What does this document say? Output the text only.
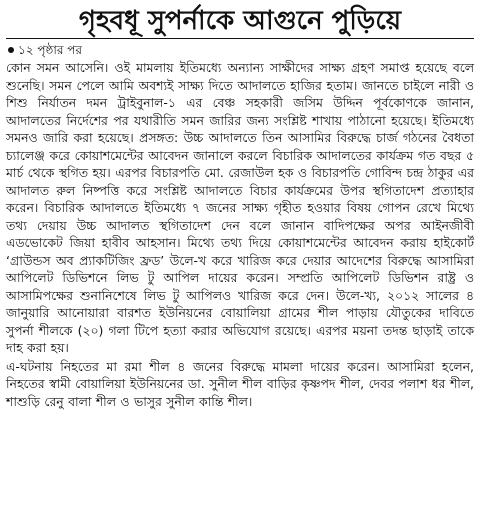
গৃহবধূ সুপর্নাকে আগুনে পুড়িয়ে
১২ পৃষ্ঠার পর

কোন সমন আসেনি। ওই মামলায় ইতিমধ্যে অন্যান্য সাক্ষীদের সাক্ষ্য গ্রহণ সমাপ্ত হয়েছে বলে শুনেছি। সমন পেলে আমি অবশ্যই সাক্ষ্য দিতে আদালতে হাজির হতাম। জানতে চাইলে নারী ও শিশু নির্যাতন দমন ট্রাইবুনাল-১ এর বেঞ্চ সহকারী জসিম উদ্দিন পূর্বকোণকে জানান, আদালতের নির্দেশের পর যথারীতি সমন জারির জন্য সংশ্লিষ্ট শাখায় পাঠানো হয়েছে। ইতিমধ্যে সমনও জারি করা হয়েছে। প্রসঙ্গত: উচ্চ আদালতে তিন আসামির বিরুদ্ধে চার্জ গঠনের বৈধতা চ্যালেঞ্জ করে কোয়াশমেন্টের আবেদন জানালে করলে বিচারিক আদালতের কার্যক্রম গত বছর ৫ মার্চ থেকে স্থগিত হয়। এরপর বিচারপতি মো. রেজাউল হক ও বিচারপতি গোবিন্দ চন্দ্র ঠাকুর এর আদালত রুল নিষ্পত্তি করে সংশ্লিষ্ট আদালতে বিচার কার্যক্রমের উপর স্থগিতাদেশ প্রত্যাহার করেন। বিচারিক আদালতে ইতিমধ্যে ৭ জনের সাক্ষ্য গৃহীত হওয়ার বিষয় গোপন রেখে মিথ্যে তথ্য দেয়ায় উচ্চ আদালত স্থগিতাদেশ দেন বলে জানান বাদিপক্ষের অপর আইনজীবী এডভোকেট জিয়া হাবীব আহসান। মিথ্যে তথ্য দিয়ে কোয়াশমেন্টের আবেদন করায় হাইকোর্ট ‘গ্রাউন্ডস অব প্র্যাকটিজিং ফ্রড’ উলে-খ করে খারিজ করে দেয়ার আদেশের বিরুদ্ধে আসামিরা আপিলেট ডিভিশনে লিভ টু আপিল দায়ের করেন। সম্প্রতি আপিলেট ডিভিশন রাষ্ট্র ও আসামিপক্ষের শুনানিশেষে লিভ টু আপিলও খারিজ করে দেন। উলে-খ্য, ২০১২ সালের ৪ জানুয়ারি আনোয়ারা বারশত ইউনিয়নের বোয়ালিয়া গ্রামের শীল পাড়ায় যৌতুকের দাবিতে সুপর্না শীলকে (২০) গলা টিপে হত্যা করার অভিযোগ রয়েছে। এরপর ময়না তদন্ত ছাড়াই তাকে দাহ করা হয়।

এ-ঘটনায় নিহতের মা রমা শীল ৪ জনের বিরুদ্ধে মামলা দায়ের করেন। আসামিরা হলেন, নিহতের স্বামী বোয়ালিয়া ইউনিয়নের ডা. সুনীল শীল বাড়ির কৃষ্ণপদ শীল, দেবর পলাশ ধর শীল, শাশুড়ি রেনু বালা শীল ও ভাসুর সুনীল কান্তি শীল।
